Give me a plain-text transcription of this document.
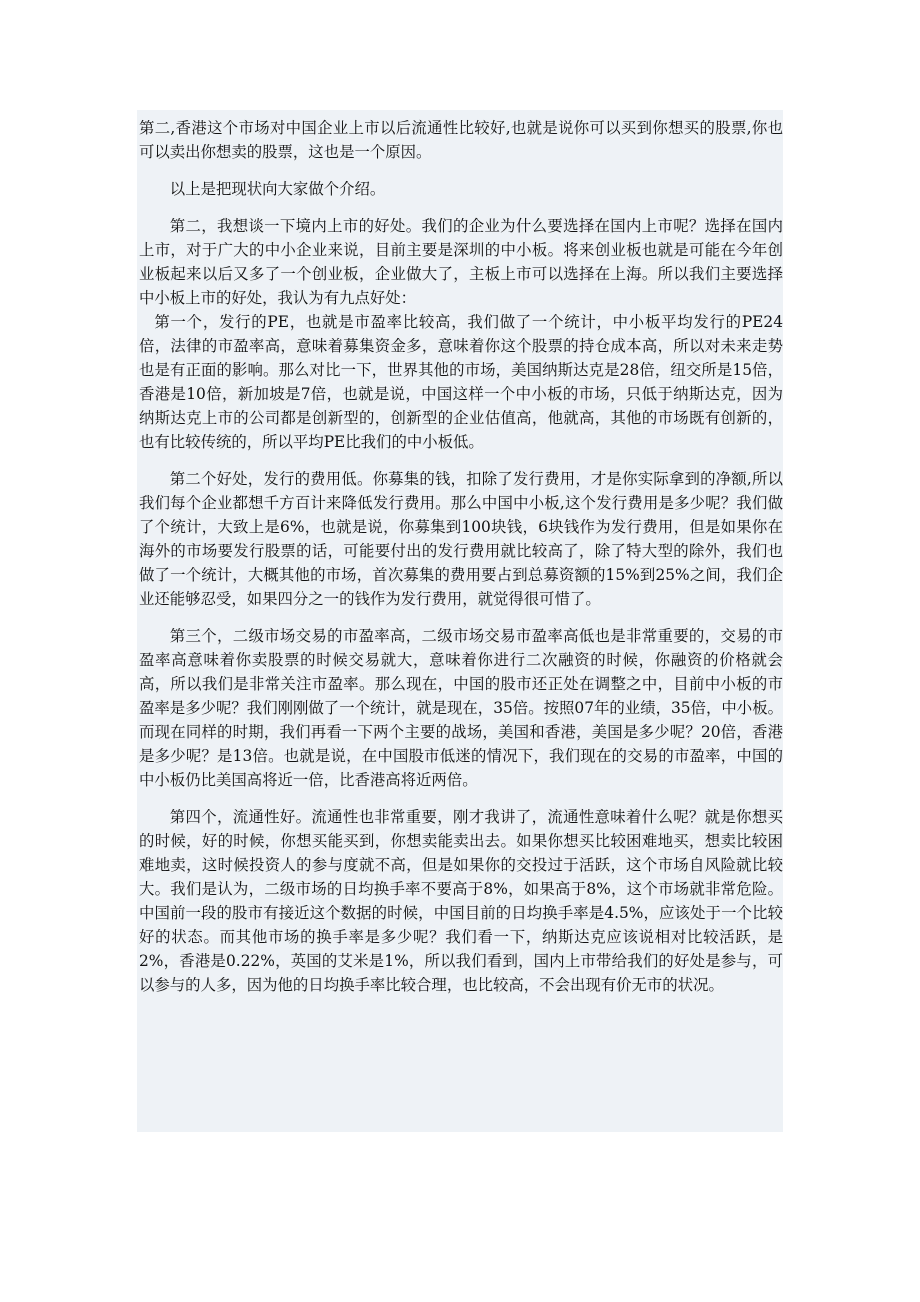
第二,香港这个市场对中国企业上市以后流通性比较好,也就是说你可以买到你想买的股票,你也可以卖出你想卖的股票，这也是一个原因。

以上是把现状向大家做个介绍。

第二，我想谈一下境内上市的好处。我们的企业为什么要选择在国内上市呢？选择在国内上市，对于广大的中小企业来说，目前主要是深圳的中小板。将来创业板也就是可能在今年创业板起来以后又多了一个创业板，企业做大了，主板上市可以选择在上海。所以我们主要选择中小板上市的好处，我认为有九点好处：

第一个，发行的PE，也就是市盈率比较高，我们做了一个统计，中小板平均发行的PE24倍，法律的市盈率高，意味着募集资金多，意味着你这个股票的持仓成本高，所以对未来走势也是有正面的影响。那么对比一下，世界其他的市场，美国纳斯达克是28倍，纽交所是15倍，香港是10倍，新加坡是7倍，也就是说，中国这样一个中小板的市场，只低于纳斯达克，因为纳斯达克上市的公司都是创新型的，创新型的企业估值高，他就高，其他的市场既有创新的，也有比较传统的，所以平均PE比我们的中小板低。

第二个好处，发行的费用低。你募集的钱，扣除了发行费用，才是你实际拿到的净额,所以我们每个企业都想千方百计来降低发行费用。那么中国中小板,这个发行费用是多少呢？我们做了个统计，大致上是6%，也就是说，你募集到100块钱，6块钱作为发行费用，但是如果你在海外的市场要发行股票的话，可能要付出的发行费用就比较高了，除了特大型的除外，我们也做了一个统计，大概其他的市场，首次募集的费用要占到总募资额的15%到25%之间，我们企业还能够忍受，如果四分之一的钱作为发行费用，就觉得很可惜了。

第三个，二级市场交易的市盈率高，二级市场交易市盈率高低也是非常重要的，交易的市盈率高意味着你卖股票的时候交易就大，意味着你进行二次融资的时候，你融资的价格就会高，所以我们是非常关注市盈率。那么现在，中国的股市还正处在调整之中，目前中小板的市盈率是多少呢？我们刚刚做了一个统计，就是现在，35倍。按照07年的业绩，35倍，中小板。而现在同样的时期，我们再看一下两个主要的战场，美国和香港，美国是多少呢？20倍，香港是多少呢？是13倍。也就是说，在中国股市低迷的情况下，我们现在的交易的市盈率，中国的中小板仍比美国高将近一倍，比香港高将近两倍。

第四个，流通性好。流通性也非常重要，刚才我讲了，流通性意味着什么呢？就是你想买的时候，好的时候，你想买能买到，你想卖能卖出去。如果你想买比较困难地买，想卖比较困难地卖，这时候投资人的参与度就不高，但是如果你的交投过于活跃，这个市场自风险就比较大。我们是认为，二级市场的日均换手率不要高于8%，如果高于8%，这个市场就非常危险。中国前一段的股市有接近这个数据的时候，中国目前的日均换手率是4.5%，应该处于一个比较好的状态。而其他市场的换手率是多少呢？我们看一下，纳斯达克应该说相对比较活跃，是2%，香港是0.22%，英国的艾米是1%，所以我们看到，国内上市带给我们的好处是参与，可以参与的人多，因为他的日均换手率比较合理，也比较高，不会出现有价无市的状况。
